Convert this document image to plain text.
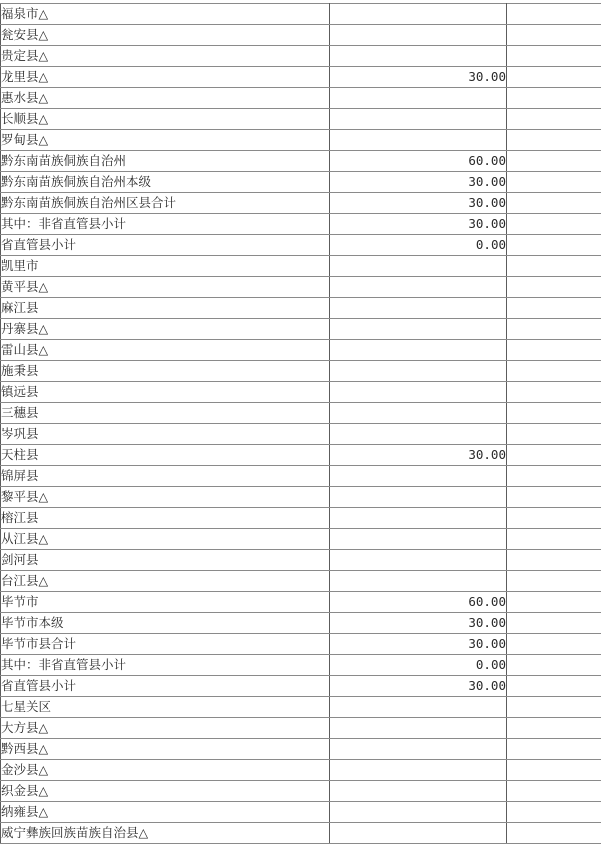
福泉市△		
瓮安县△		
贵定县△		
龙里县△	30.00	
惠水县△		
长顺县△		
罗甸县△		
黔东南苗族侗族自治州	60.00	
黔东南苗族侗族自治州本级	30.00	
黔东南苗族侗族自治州区县合计	30.00	
其中：非省直管县小计	30.00	
省直管县小计	0.00	
凯里市		
黄平县△		
麻江县		
丹寨县△		
雷山县△		
施秉县		
镇远县		
三穗县		
岑巩县		
天柱县	30.00	
锦屏县		
黎平县△		
榕江县		
从江县△		
剑河县		
台江县△		
毕节市	60.00	
毕节市本级	30.00	
毕节市县合计	30.00	
其中：非省直管县小计	0.00	
省直管县小计	30.00	
七星关区		
大方县△		
黔西县△		
金沙县△		
织金县△		
纳雍县△		
威宁彝族回族苗族自治县△		
